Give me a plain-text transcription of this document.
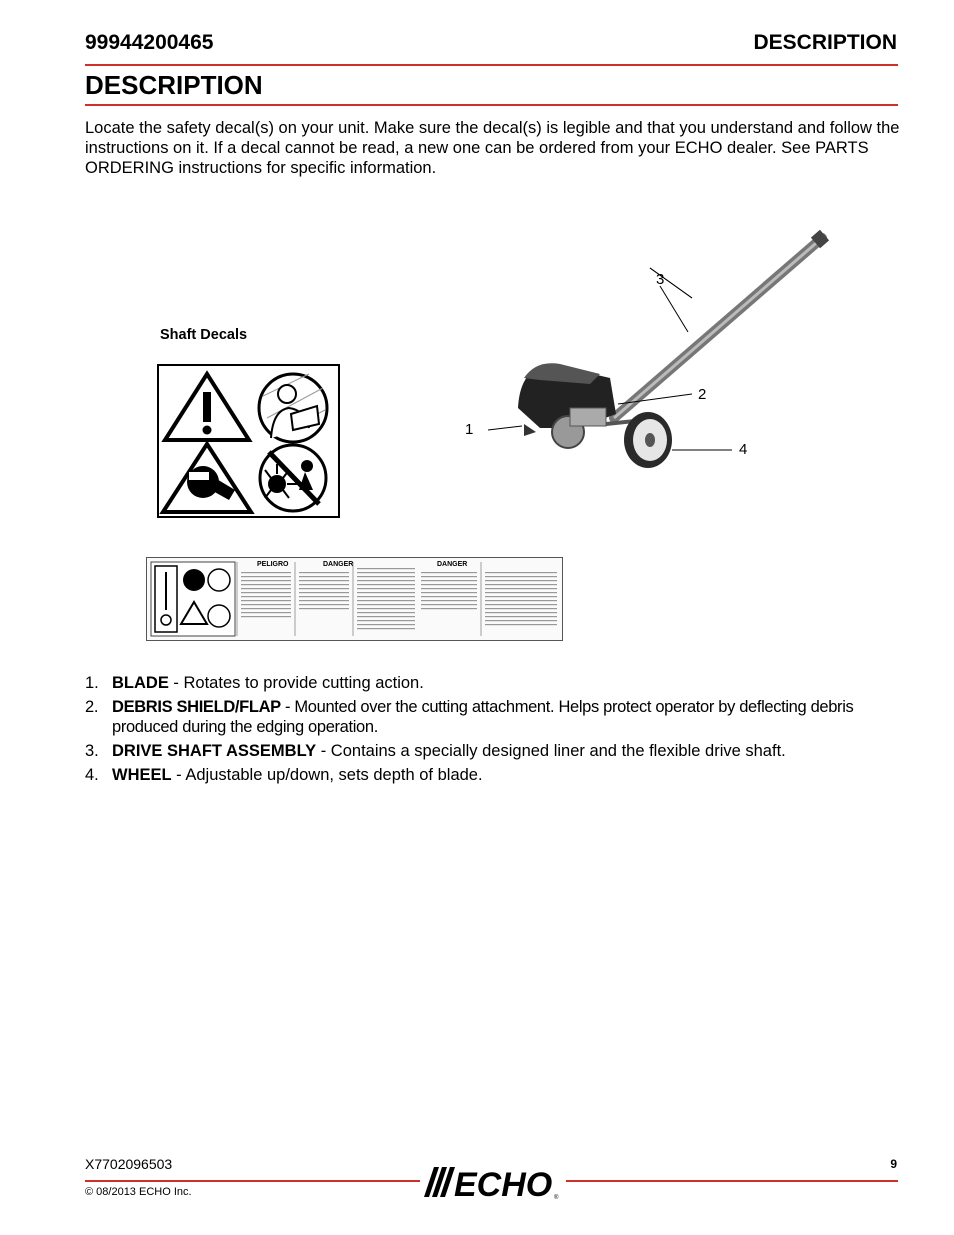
99944200465	DESCRIPTION
DESCRIPTION
Locate the safety decal(s) on your unit. Make sure the decal(s) is legible and that you understand and follow the instructions on it. If a decal cannot be read, a new one can be ordered from your ECHO dealer. See PARTS ORDERING instructions for specific information.
Shaft Decals
1
2
3
4
PELIGRO	DANGER	DANGER
1. BLADE - Rotates to provide cutting action.
2. DEBRIS SHIELD/FLAP - Mounted over the cutting attachment. Helps protect operator by deflecting debris produced during the edging operation.
3. DRIVE SHAFT ASSEMBLY - Contains a specially designed liner and the flexible drive shaft.
4. WHEEL - Adjustable up/down, sets depth of blade.
X7702096503	9
ECHO ®
© 08/2013 ECHO Inc.
